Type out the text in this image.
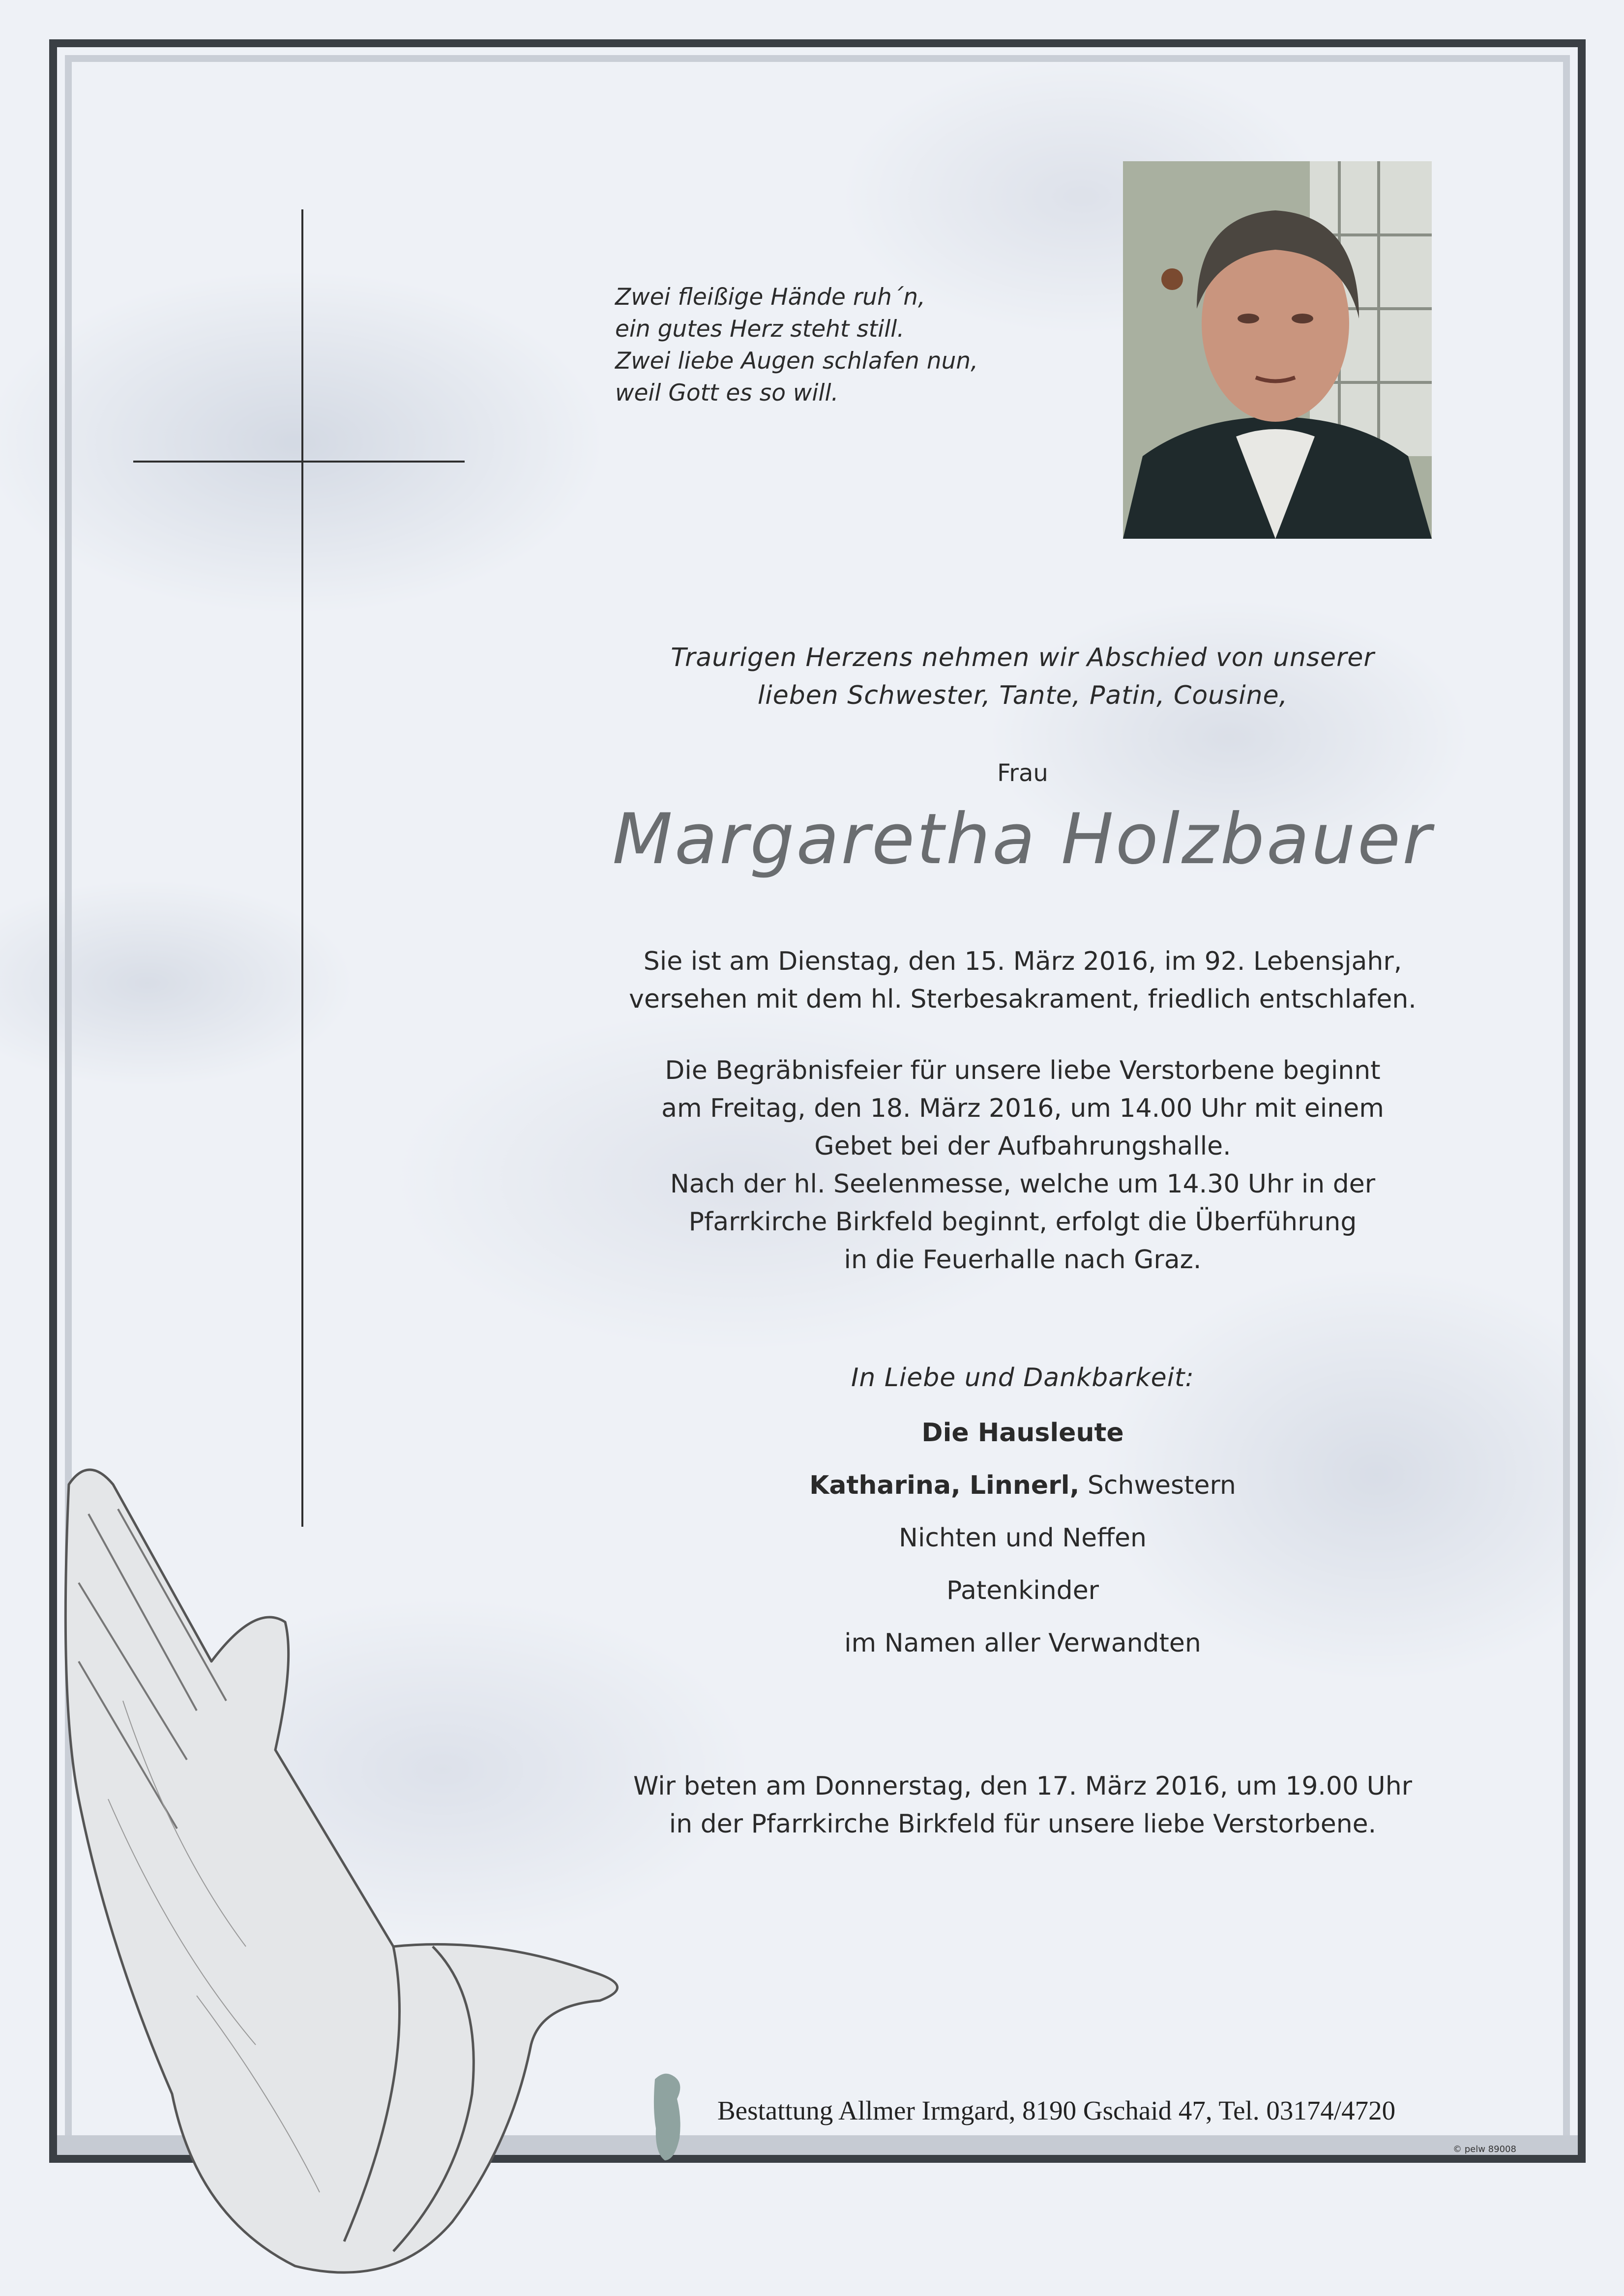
Zwei fleißige Hände ruh´n,
ein gutes Herz steht still.
Zwei liebe Augen schlafen nun,
weil Gott es so will.
Traurigen Herzens nehmen wir Abschied von unserer
lieben Schwester, Tante, Patin, Cousine,
Frau
Margaretha Holzbauer
Sie ist am Dienstag, den 15. März 2016, im 92. Lebensjahr,
versehen mit dem hl. Sterbesakrament, friedlich entschlafen.
Die Begräbnisfeier für unsere liebe Verstorbene beginnt
am Freitag, den 18. März 2016, um 14.00 Uhr mit einem
Gebet bei der Aufbahrungshalle.
Nach der hl. Seelenmesse, welche um 14.30 Uhr in der
Pfarrkirche Birkfeld beginnt, erfolgt die Überführung
in die Feuerhalle nach Graz.
In Liebe und Dankbarkeit:
Die Hausleute
Katharina, Linnerl, Schwestern
Nichten und Neffen
Patenkinder
im Namen aller Verwandten
Wir beten am Donnerstag, den 17. März 2016, um 19.00 Uhr
in der Pfarrkirche Birkfeld für unsere liebe Verstorbene.
Bestattung Allmer Irmgard, 8190 Gschaid 47, Tel. 03174/4720
© pelw 89008
